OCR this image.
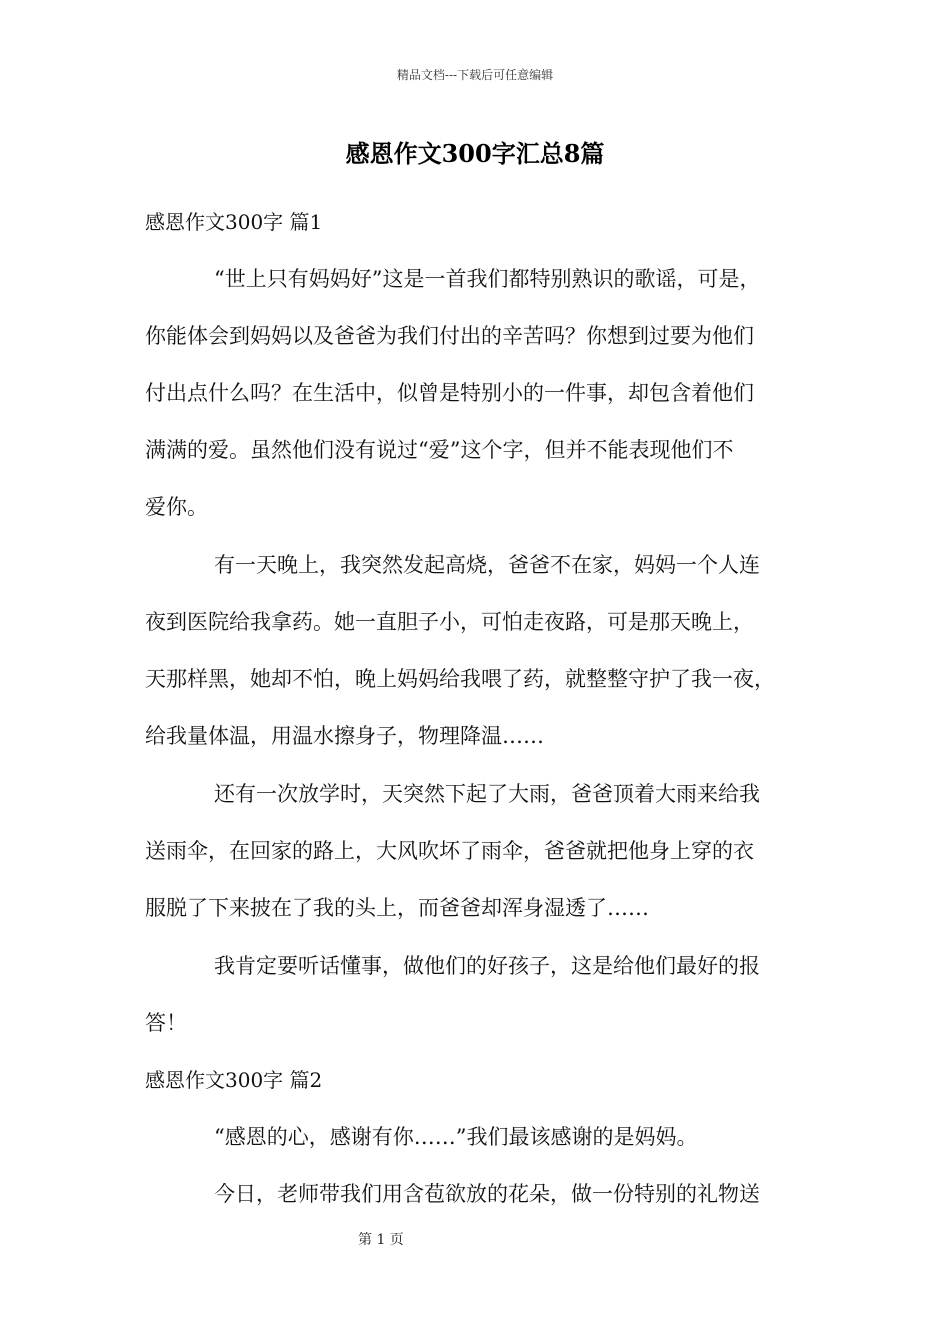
精品文档---下载后可任意编辑
感恩作文300字汇总8篇
感恩作文300字 篇1
“世上只有妈妈好”这是一首我们都特别熟识的歌谣，可是，
你能体会到妈妈以及爸爸为我们付出的辛苦吗？你想到过要为他们
付出点什么吗？在生活中，似曾是特别小的一件事，却包含着他们
满满的爱。虽然他们没有说过“爱”这个字，但并不能表现他们不
爱你。
有一天晚上，我突然发起高烧，爸爸不在家，妈妈一个人连
夜到医院给我拿药。她一直胆子小，可怕走夜路，可是那天晚上，
天那样黑，她却不怕，晚上妈妈给我喂了药，就整整守护了我一夜，
给我量体温，用温水擦身子，物理降温……
还有一次放学时，天突然下起了大雨，爸爸顶着大雨来给我
送雨伞，在回家的路上，大风吹坏了雨伞，爸爸就把他身上穿的衣
服脱了下来披在了我的头上，而爸爸却浑身湿透了……
我肯定要听话懂事，做他们的好孩子，这是给他们最好的报
答！
感恩作文300字 篇2
“感恩的心，感谢有你……”我们最该感谢的是妈妈。
今日，老师带我们用含苞欲放的花朵，做一份特别的礼物送
第 1 页
